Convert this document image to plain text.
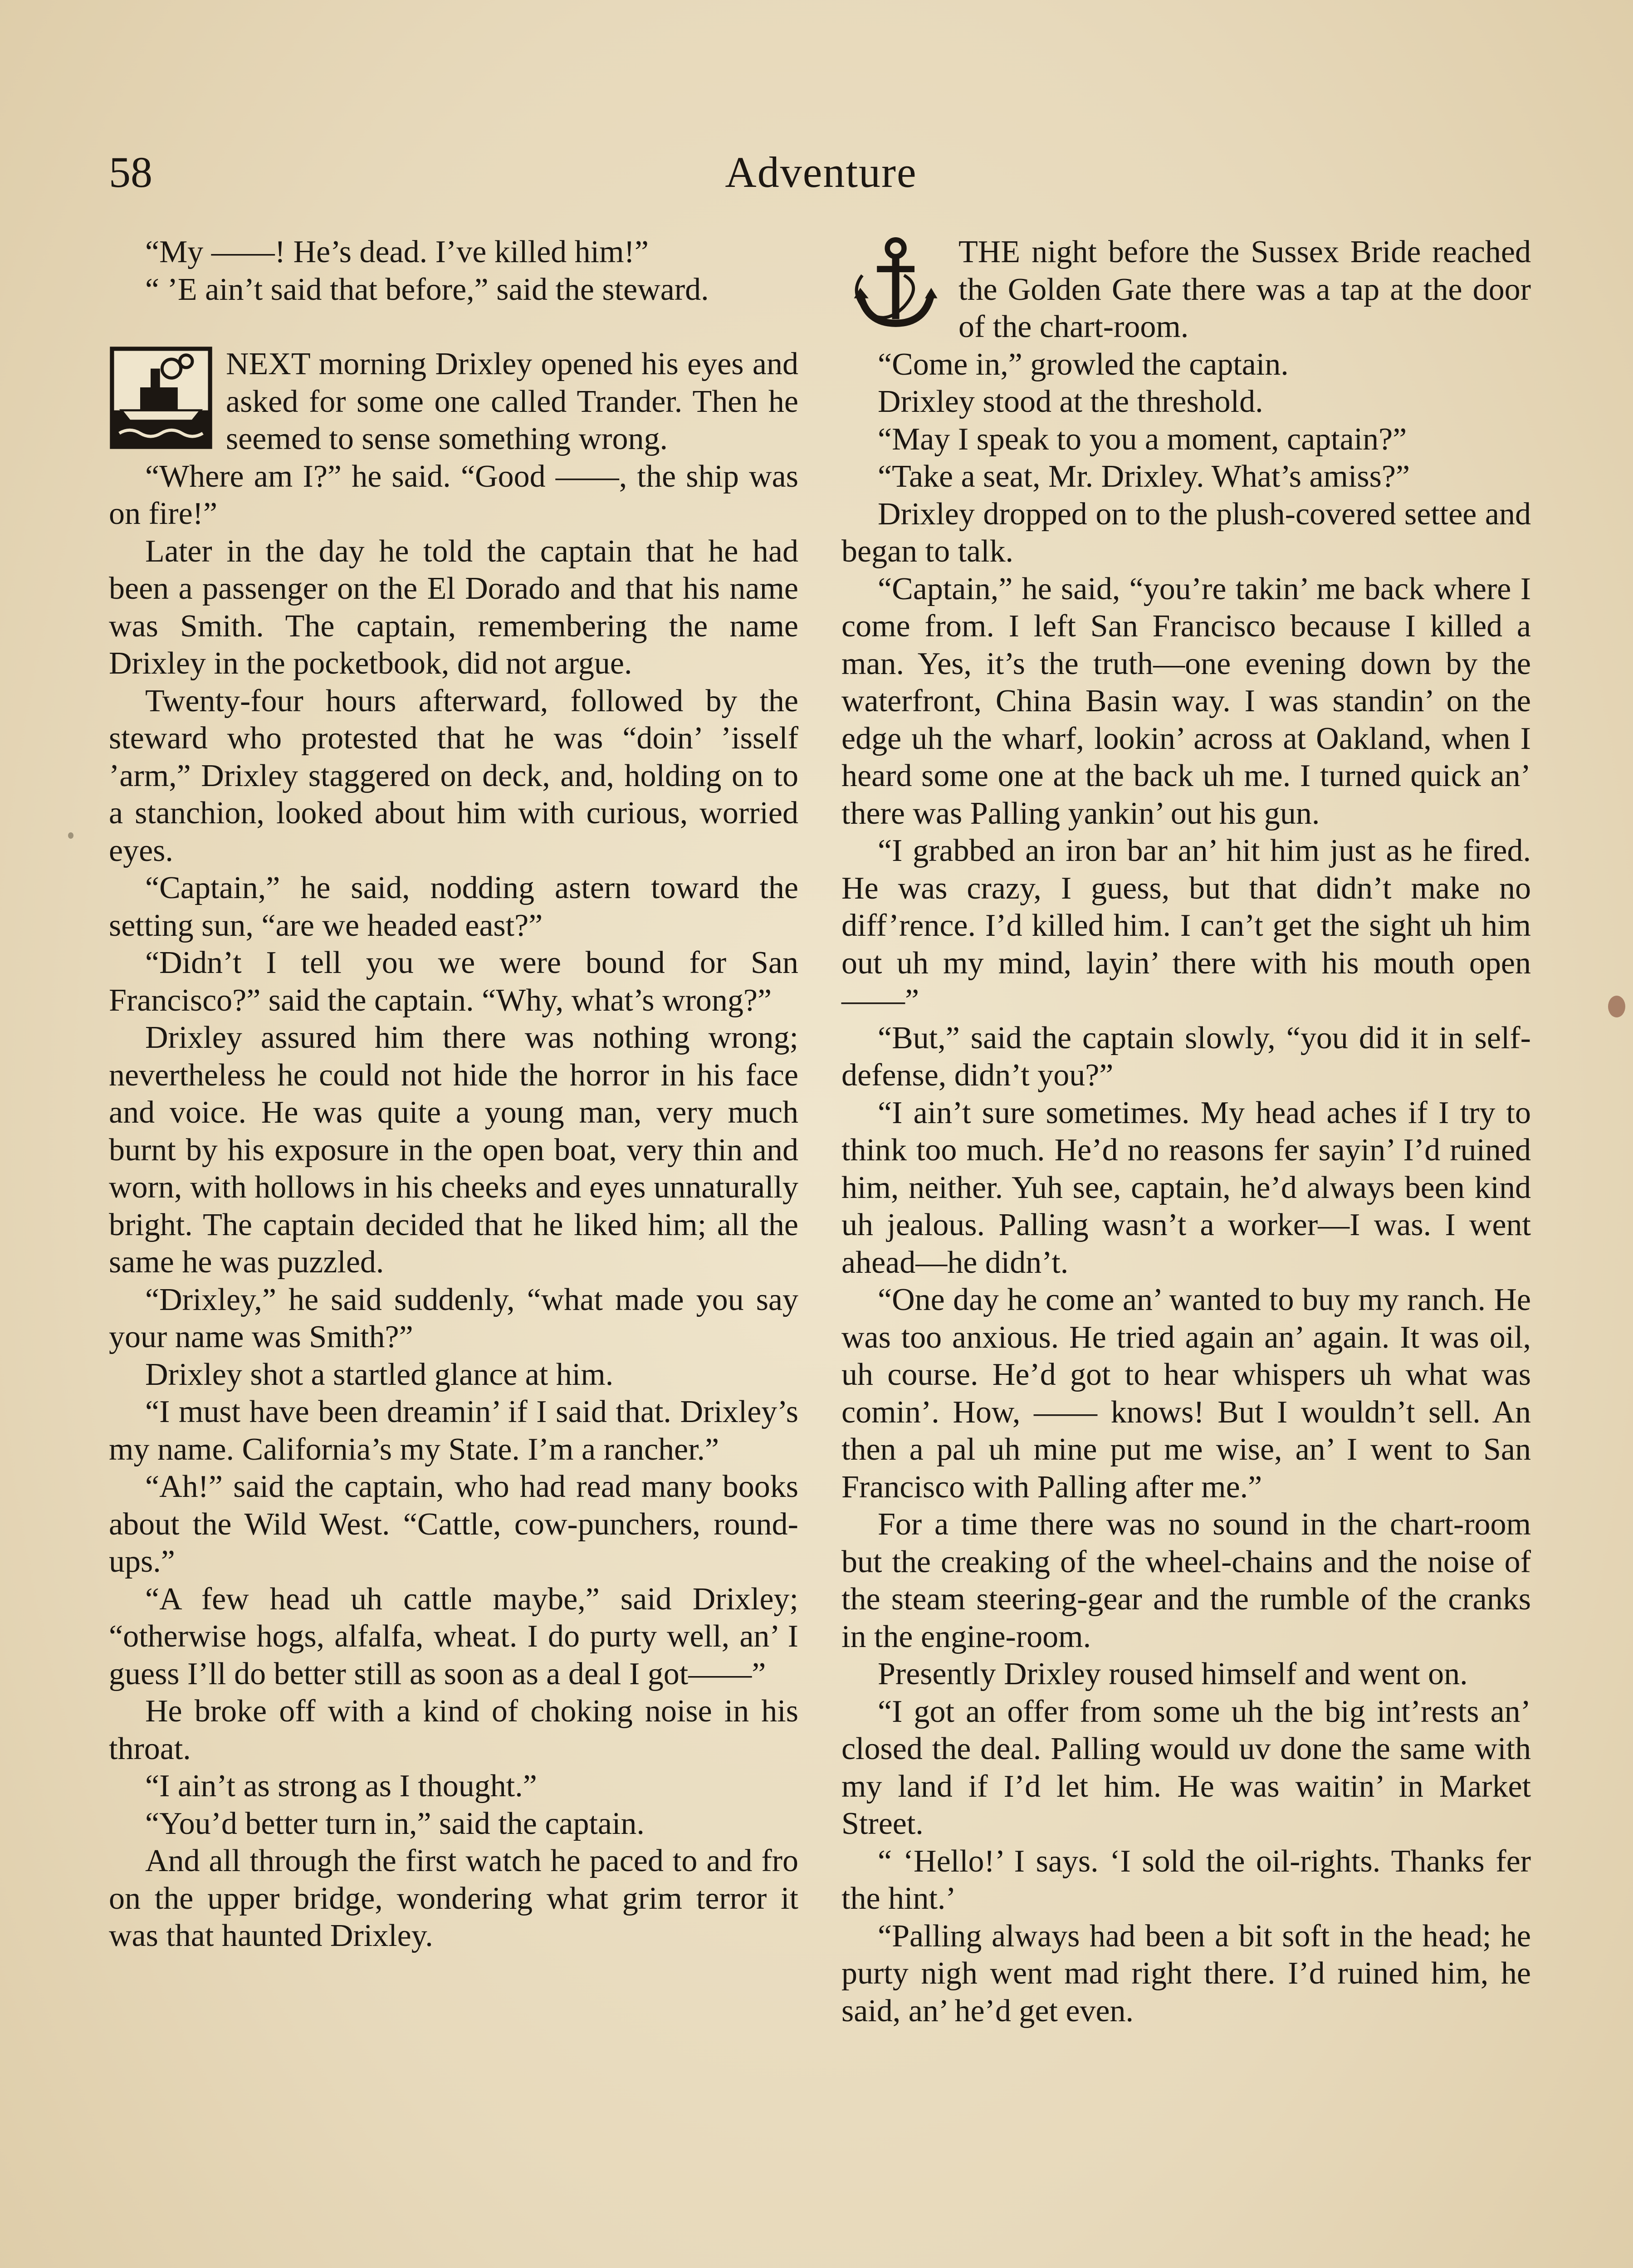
58	Adventure

“My ——! He’s dead. I’ve killed him!”

“ ’E ain’t said that before,” said the steward.

NEXT morning Drixley opened his eyes and asked for some one called Trander. Then he seemed to sense something wrong.

“Where am I?” he said. “Good ——, the ship was on fire!”

Later in the day he told the captain that he had been a passenger on the El Dorado and that his name was Smith. The captain, remembering the name Drixley in the pocketbook, did not argue.

Twenty-four hours afterward, followed by the steward who protested that he was “doin’ ’isself ’arm,” Drixley staggered on deck, and, holding on to a stanchion, looked about him with curious, worried eyes.

“Captain,” he said, nodding astern toward the setting sun, “are we headed east?”

“Didn’t I tell you we were bound for San Francisco?” said the captain. “Why, what’s wrong?”

Drixley assured him there was nothing wrong; nevertheless he could not hide the horror in his face and voice. He was quite a young man, very much burnt by his exposure in the open boat, very thin and worn, with hollows in his cheeks and eyes unnaturally bright. The captain decided that he liked him; all the same he was puzzled.

“Drixley,” he said suddenly, “what made you say your name was Smith?”

Drixley shot a startled glance at him.

“I must have been dreamin’ if I said that. Drixley’s my name. California’s my State. I’m a rancher.”

“Ah!” said the captain, who had read many books about the Wild West. “Cattle, cow-punchers, round-ups.”

“A few head uh cattle maybe,” said Drixley; “otherwise hogs, alfalfa, wheat. I do purty well, an’ I guess I’ll do better still as soon as a deal I got——”

He broke off with a kind of choking noise in his throat.

“I ain’t as strong as I thought.”

“You’d better turn in,” said the captain.

And all through the first watch he paced to and fro on the upper bridge, wondering what grim terror it was that haunted Drixley.

THE night before the Sussex Bride reached the Golden Gate there was a tap at the door of the chart-room.

“Come in,” growled the captain.

Drixley stood at the threshold.

“May I speak to you a moment, captain?”

“Take a seat, Mr. Drixley. What’s amiss?”

Drixley dropped on to the plush-covered settee and began to talk.

“Captain,” he said, “you’re takin’ me back where I come from. I left San Francisco because I killed a man. Yes, it’s the truth—one evening down by the waterfront, China Basin way. I was standin’ on the edge uh the wharf, lookin’ across at Oakland, when I heard some one at the back uh me. I turned quick an’ there was Palling yankin’ out his gun.

“I grabbed an iron bar an’ hit him just as he fired. He was crazy, I guess, but that didn’t make no diff’rence. I’d killed him. I can’t get the sight uh him out uh my mind, layin’ there with his mouth open——”

“But,” said the captain slowly, “you did it in self-defense, didn’t you?”

“I ain’t sure sometimes. My head aches if I try to think too much. He’d no reasons fer sayin’ I’d ruined him, neither. Yuh see, captain, he’d always been kind uh jealous. Palling wasn’t a worker—I was. I went ahead—he didn’t.

“One day he come an’ wanted to buy my ranch. He was too anxious. He tried again an’ again. It was oil, uh course. He’d got to hear whispers uh what was comin’. How, —— knows! But I wouldn’t sell. An then a pal uh mine put me wise, an’ I went to San Francisco with Palling after me.”

For a time there was no sound in the chart-room but the creaking of the wheel-chains and the noise of the steam steering-gear and the rumble of the cranks in the engine-room.

Presently Drixley roused himself and went on.

“I got an offer from some uh the big int’rests an’ closed the deal. Palling would uv done the same with my land if I’d let him. He was waitin’ in Market Street.

“ ‘Hello!’ I says. ‘I sold the oil-rights. Thanks fer the hint.’

“Palling always had been a bit soft in the head; he purty nigh went mad right there. I’d ruined him, he said, an’ he’d get even.
